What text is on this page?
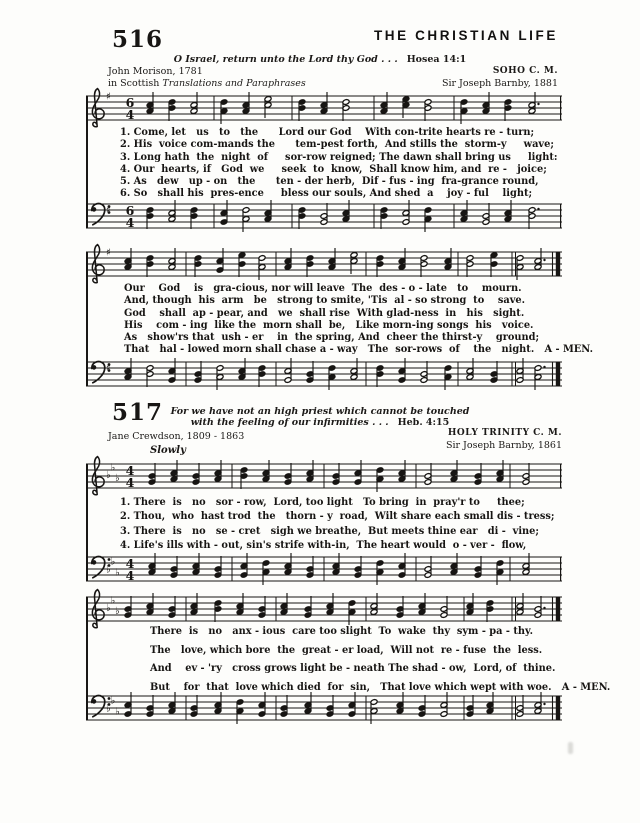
516	THE CHRISTIAN LIFE
O Israel, return unto the Lord thy God . . . Hosea 14:1
John Morison, 1781
in Scottish Translations and Paraphrases
SOHO C. M.
Sir Joseph Barnby, 1881
♯ 6
4
1. Come, let   us   to   the      Lord our God    With con-trite hearts re - turn;
2. His  voice com-mands the      tem-pest forth,  And stills the  storm-y     wave;
3. Long hath  the  night  of     sor-row reigned; The dawn shall bring us     light:
4. Our  hearts, if   God  we     seek  to  know,  Shall know him, and  re -   joice;
5. As   dew   up - on   the      ten - der herb,  Dif - fus - ing  fra-grance round,
6. So   shall his  pres-ence     bless our souls, And shed  a    joy - ful    light;
♯ 6
4
♯
Our    God    is   gra-cious, nor will leave  The  des - o - late   to    mourn.
And, though  his  arm   be   strong to smite, 'Tis  al - so strong  to    save.
God    shall  ap - pear, and   we  shall rise  With glad-ness  in   his   sight.
His    com - ing  like the  morn shall  be,   Like morn-ing songs  his   voice.
As   show'rs that  ush - er    in  the spring, And  cheer the thirst-y    ground;
That   hal - lowed morn shall chase a - way   The  sor-rows  of    the   night.   A - MEN.
♯
517 For we have not an high priest which cannot be touched
with the feeling of our infirmities . . . Heb. 4:15
Jane Crewdson, 1809 - 1863	HOLY TRINITY C. M.
Sir Joseph Barnby, 1861
Slowly
♭
♭
♭
4
4
1. There  is   no   sor - row,  Lord, too light   To bring  in  pray'r to     thee;
2. Thou,  who  hast trod  the   thorn - y  road,  Wilt share each small dis - tress;
3. There  is   no   se - cret   sigh we breathe,  But meets thine ear   di -  vine;
4. Life's ills with - out, sin's strife with-in,  The heart would  o - ver -  flow,
♭
♭
♭
4
4
♭
♭
♭
There  is   no   anx - ious  care too slight  To  wake  thy  sym - pa - thy.
The   love, which bore  the  great - er load,  Will not  re - fuse  the  less.
And    ev - 'ry   cross grows light be - neath The shad - ow,  Lord, of  thine.
But    for  that  love which died  for  sin,   That love which wept with woe.   A - MEN.
♭
♭
♭
